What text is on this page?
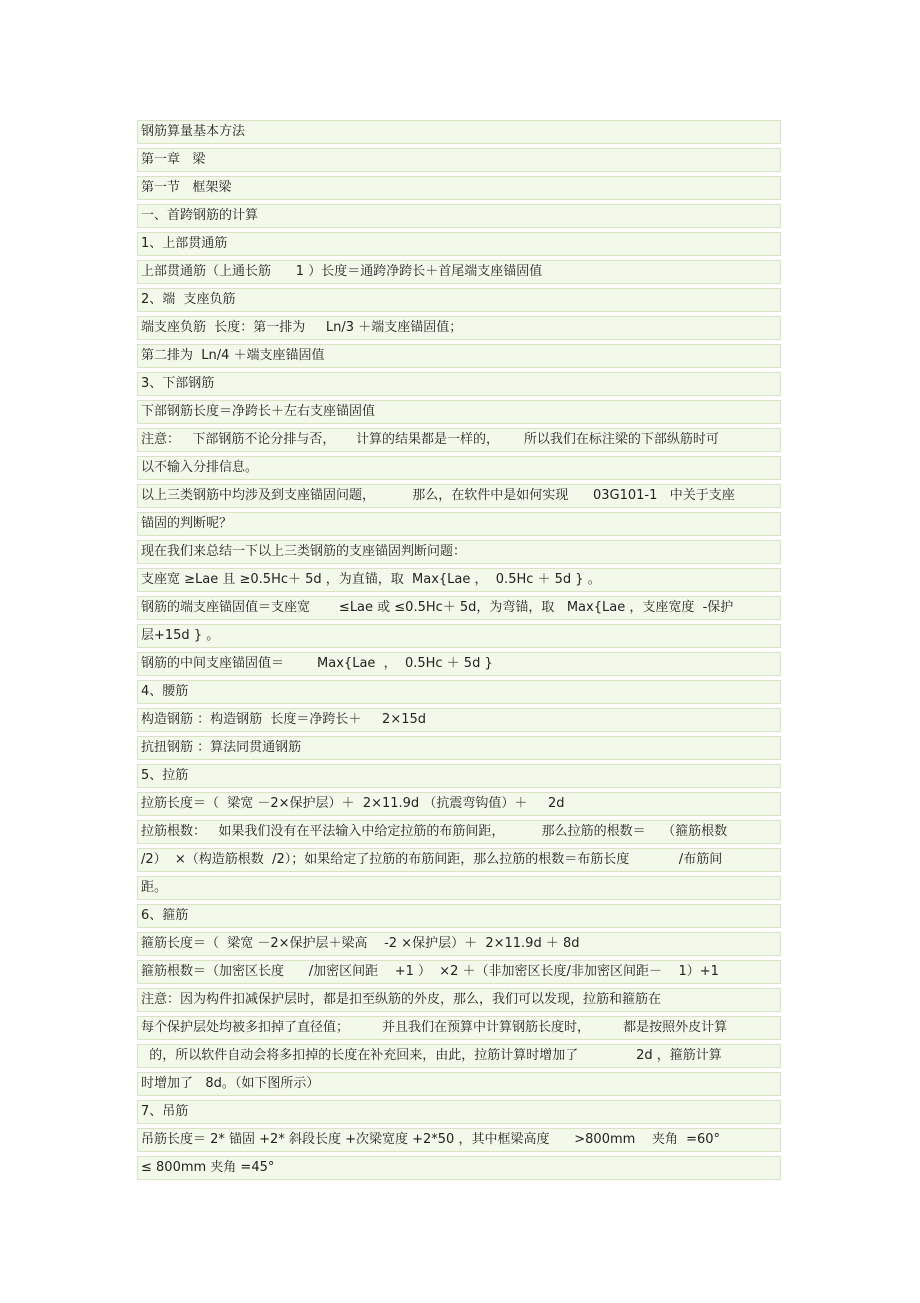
钢筋算量基本方法
第一章   梁
第一节   框架梁
一、首跨钢筋的计算
1、上部贯通筋
上部贯通筋（上通长筋      1 ）长度＝通跨净跨长＋首尾端支座锚固值
2、端  支座负筋
端支座负筋  长度：第一排为     Ln/3 ＋端支座锚固值；
第二排为  Ln/4 ＋端支座锚固值
3、下部钢筋
下部钢筋长度＝净跨长＋左右支座锚固值
注意：   下部钢筋不论分排与否，     计算的结果都是一样的，      所以我们在标注梁的下部纵筋时可
以不输入分排信息。
以上三类钢筋中均涉及到支座锚固问题，         那么，在软件中是如何实现      03G101-1   中关于支座
锚固的判断呢？
现在我们来总结一下以上三类钢筋的支座锚固判断问题：
支座宽 ≥Lae 且 ≥0.5Hc＋ 5d ，为直锚，取  Max{Lae ，  0.5Hc ＋ 5d } 。
钢筋的端支座锚固值＝支座宽       ≤Lae 或 ≤0.5Hc＋ 5d，为弯锚，取   Max{Lae ，支座宽度  -保护
层+15d } 。
钢筋的中间支座锚固值＝        Max{Lae  ，  0.5Hc ＋ 5d }
4、腰筋
构造钢筋 ：构造钢筋  长度＝净跨长＋     2×15d
抗扭钢筋 ：算法同贯通钢筋
5、拉筋
拉筋长度＝（  梁宽 －2×保护层）＋  2×11.9d （抗震弯钩值）＋     2d
拉筋根数：   如果我们没有在平法输入中给定拉筋的布筋间距，         那么拉筋的根数＝    （箍筋根数
/2）  ×（构造筋根数  /2）；如果给定了拉筋的布筋间距，那么拉筋的根数＝布筋长度            /布筋间
距。
6、箍筋
箍筋长度＝（  梁宽 －2×保护层＋梁高    -2 ×保护层）＋  2×11.9d ＋ 8d
箍筋根数＝（加密区长度      /加密区间距    +1 ）  ×2 ＋（非加密区长度/非加密区间距－    1）+1
注意：因为构件扣减保护层时，都是扣至纵筋的外皮，那么，我们可以发现，拉筋和箍筋在
每个保护层处均被多扣掉了直径值；        并且我们在预算中计算钢筋长度时，        都是按照外皮计算
的，所以软件自动会将多扣掉的长度在补充回来，由此，拉筋计算时增加了              2d ，箍筋计算
时增加了   8d。（如下图所示）
7、吊筋
吊筋长度＝ 2* 锚固 +2* 斜段长度 +次梁宽度 +2*50 ，其中框梁高度      >800mm    夹角  =60°
≤ 800mm 夹角 =45°
